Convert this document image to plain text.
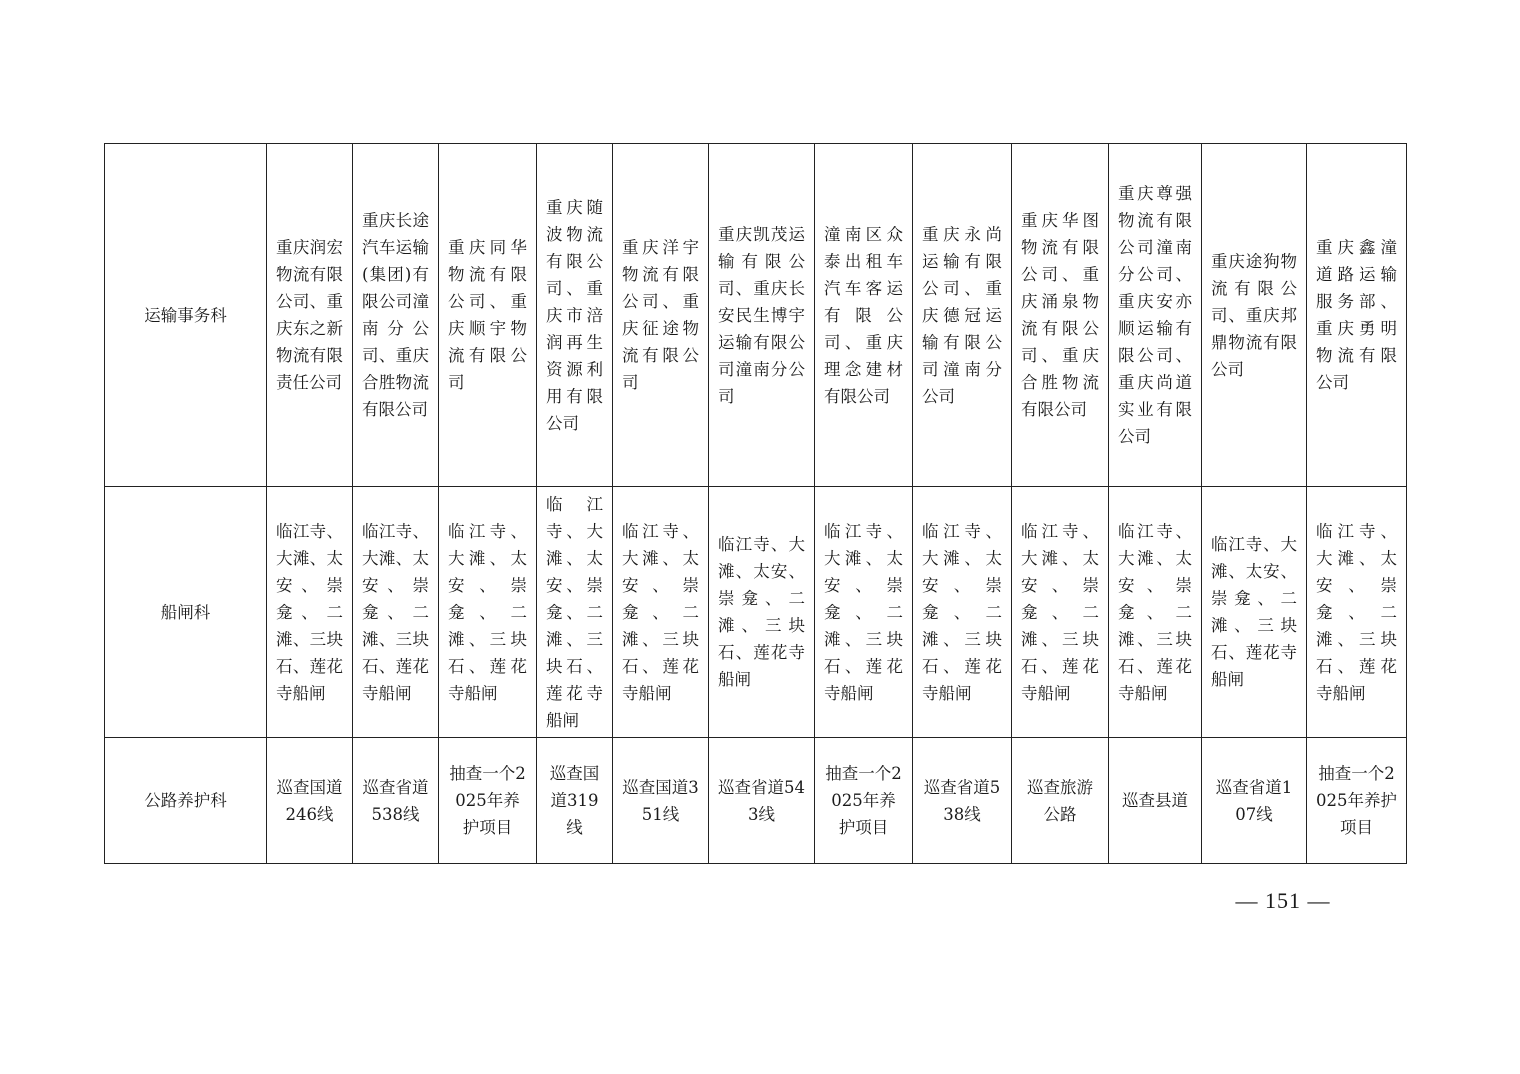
运输事务科	重庆润宏物流有限公司、重庆东之新物流有限责任公司	重庆长途汽车运输(集团)有限公司潼南分公司、重庆合胜物流有限公司	重庆同华物流有限公司、重庆顺宇物流有限公司	重庆随波物流有限公司、重庆市涪润再生资源利用有限公司	重庆洋宇物流有限公司、重庆征途物流有限公司	重庆凯茂运输有限公司、重庆长安民生博宇运输有限公司潼南分公司	潼南区众泰出租车汽车客运有限公司、重庆理念建材有限公司	重庆永尚运输有限公司、重庆德冠运输有限公司潼南分公司	重庆华图物流有限公司、重庆涌泉物流有限公司、重庆合胜物流有限公司	重庆尊强物流有限公司潼南分公司、重庆安亦顺运输有限公司、重庆尚道实业有限公司	重庆途狗物流有限公司、重庆邦鼎物流有限公司	重庆鑫潼道路运输服务部、重庆勇明物流有限公司
船闸科	临江寺、大滩、太安、崇龛、二滩、三块石、莲花寺船闸	临江寺、大滩、太安、崇龛、二滩、三块石、莲花寺船闸	临江寺、大滩、太安、崇龛、二滩、三块石、莲花寺船闸	临江寺、大滩、太安、崇龛、二滩、三块石、莲花寺船闸	临江寺、大滩、太安、崇龛、二滩、三块石、莲花寺船闸	临江寺、大滩、太安、崇龛、二滩、三块石、莲花寺船闸	临江寺、大滩、太安、崇龛、二滩、三块石、莲花寺船闸	临江寺、大滩、太安、崇龛、二滩、三块石、莲花寺船闸	临江寺、大滩、太安、崇龛、二滩、三块石、莲花寺船闸	临江寺、大滩、太安、崇龛、二滩、三块石、莲花寺船闸	临江寺、大滩、太安、崇龛、二滩、三块石、莲花寺船闸	临江寺、大滩、太安、崇龛、二滩、三块石、莲花寺船闸
公路养护科	巡查国道246线	巡查省道538线	抽查一个2025年养护项目	巡查国道319线	巡查国道351线	巡查省道543线	抽查一个2025年养护项目	巡查省道538线	巡查旅游公路	巡查县道	巡查省道107线	抽查一个2025年养护项目
— 151 —
